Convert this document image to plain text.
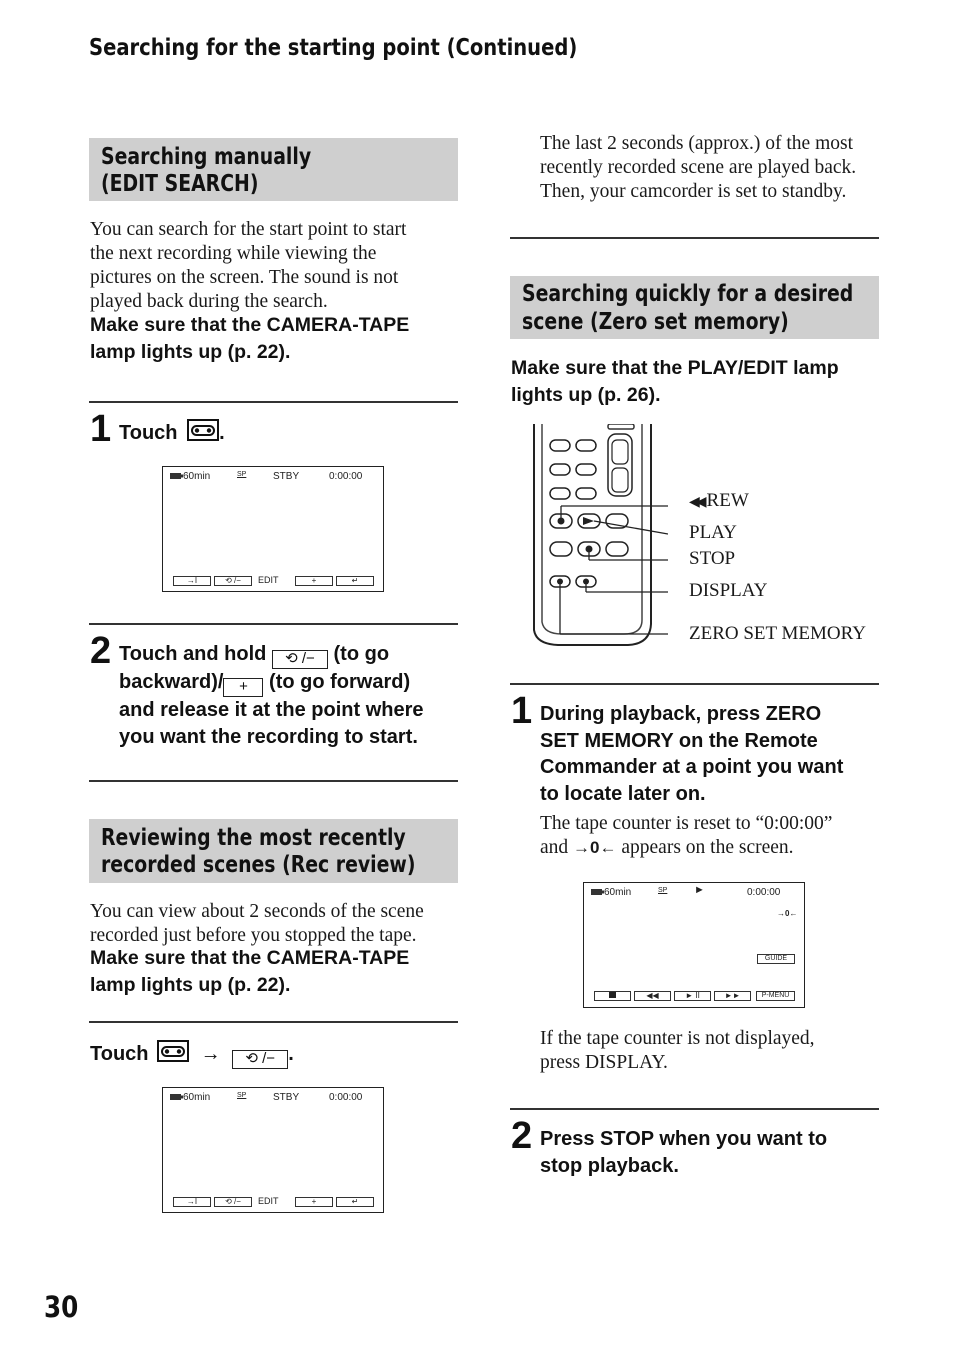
Searching for the starting point (Continued)
Searching manually
(EDIT SEARCH)
You can search for the start point to start
the next recording while viewing the
pictures on the screen. The sound is not
played back during the search.
Make sure that the CAMERA-TAPE
lamp lights up (p. 22).
1 Touch .
60min	SP	STBY	0:00:00
→I	⟲ /−	EDIT	+	↵
2 Touch and hold ⟲ /− (to go
backward)/ + (to go forward)
and release it at the point where
you want the recording to start.
Reviewing the most recently
recorded scenes (Rec review)
You can view about 2 seconds of the scene
recorded just before you stopped the tape.
Make sure that the CAMERA-TAPE
lamp lights up (p. 22).
Touch	→ ⟲ /− .
60min	SP	STBY	0:00:00
→I	⟲ /−	EDIT	+	↵
30
The last 2 seconds (approx.) of the most
recently recorded scene are played back.
Then, your camcorder is set to standby.
Searching quickly for a desired
scene (Zero set memory)
Make sure that the PLAY/EDIT lamp
lights up (p. 26).
◀◀ REW
PLAY
STOP
DISPLAY
ZERO SET MEMORY
1 During playback, press ZERO
SET MEMORY on the Remote
Commander at a point you want
to locate later on.
The tape counter is reset to “0:00:00”
and →0← appears on the screen.
60min	SP ►	0:00:00
→0←
GUIDE
◀◀	► II	►►	P-MENU
If the tape counter is not displayed,
press DISPLAY.
2 Press STOP when you want to
stop playback.
